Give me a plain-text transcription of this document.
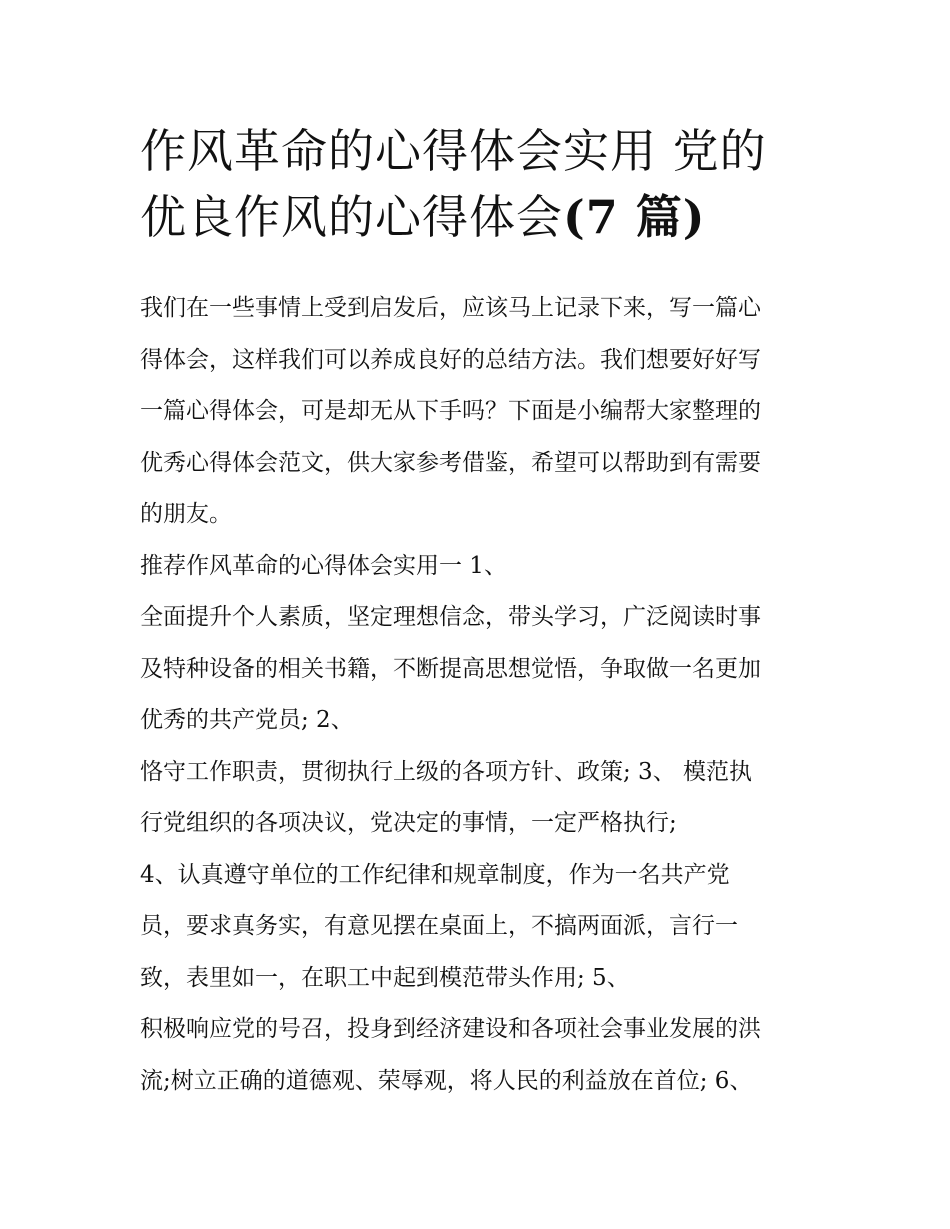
作风革命的心得体会实用 党的
优良作风的心得体会(7 篇)
我们在一些事情上受到启发后，应该马上记录下来，写一篇心
得体会，这样我们可以养成良好的总结方法。我们想要好好写
一篇心得体会，可是却无从下手吗？下面是小编帮大家整理的
优秀心得体会范文，供大家参考借鉴，希望可以帮助到有需要
的朋友。
推荐作风革命的心得体会实用一 1、
全面提升个人素质，坚定理想信念，带头学习，广泛阅读时事
及特种设备的相关书籍，不断提高思想觉悟，争取做一名更加
优秀的共产党员; 2、
恪守工作职责，贯彻执行上级的各项方针、政策; 3、 模范执
行党组织的各项决议，党决定的事情，一定严格执行;
4、认真遵守单位的工作纪律和规章制度，作为一名共产党
员，要求真务实，有意见摆在桌面上，不搞两面派，言行一
致，表里如一，在职工中起到模范带头作用; 5、
积极响应党的号召，投身到经济建设和各项社会事业发展的洪
流;树立正确的道德观、荣辱观，将人民的利益放在首位; 6、
